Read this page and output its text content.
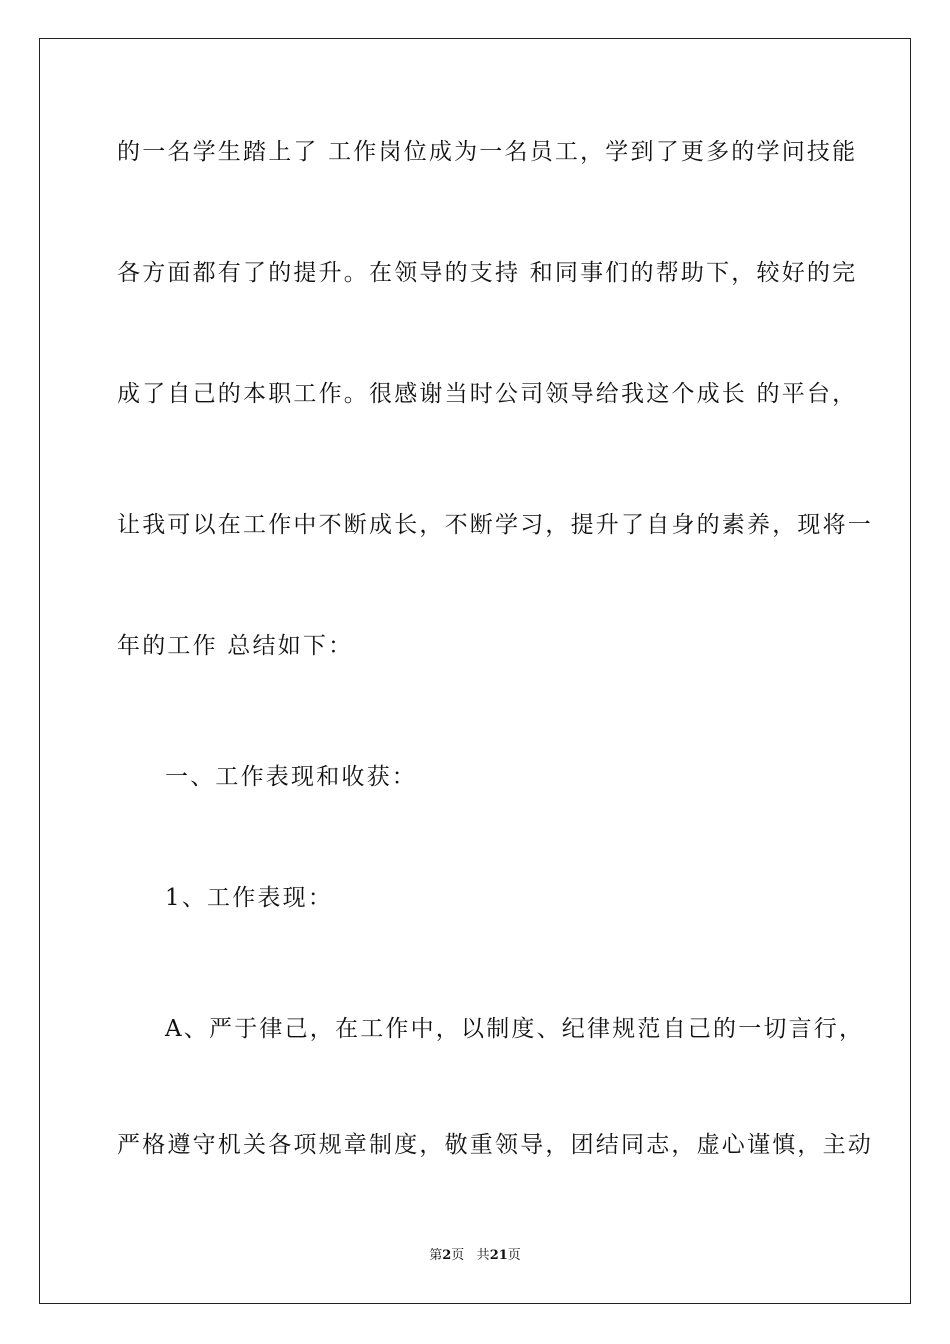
的一名学生踏上了 工作岗位成为一名员工，学到了更多的学问技能

各方面都有了的提升。在领导的支持 和同事们的帮助下，较好的完

成了自己的本职工作。很感谢当时公司领导给我这个成长 的平台，

让我可以在工作中不断成长，不断学习，提升了自身的素养，现将一

年的工作 总结如下：

一、工作表现和收获：

1、工作表现：

A、严于律己，在工作中，以制度、纪律规范自己的一切言行，

严格遵守机关各项规章制度，敬重领导，团结同志，虚心谨慎，主动

第2页 共21页
